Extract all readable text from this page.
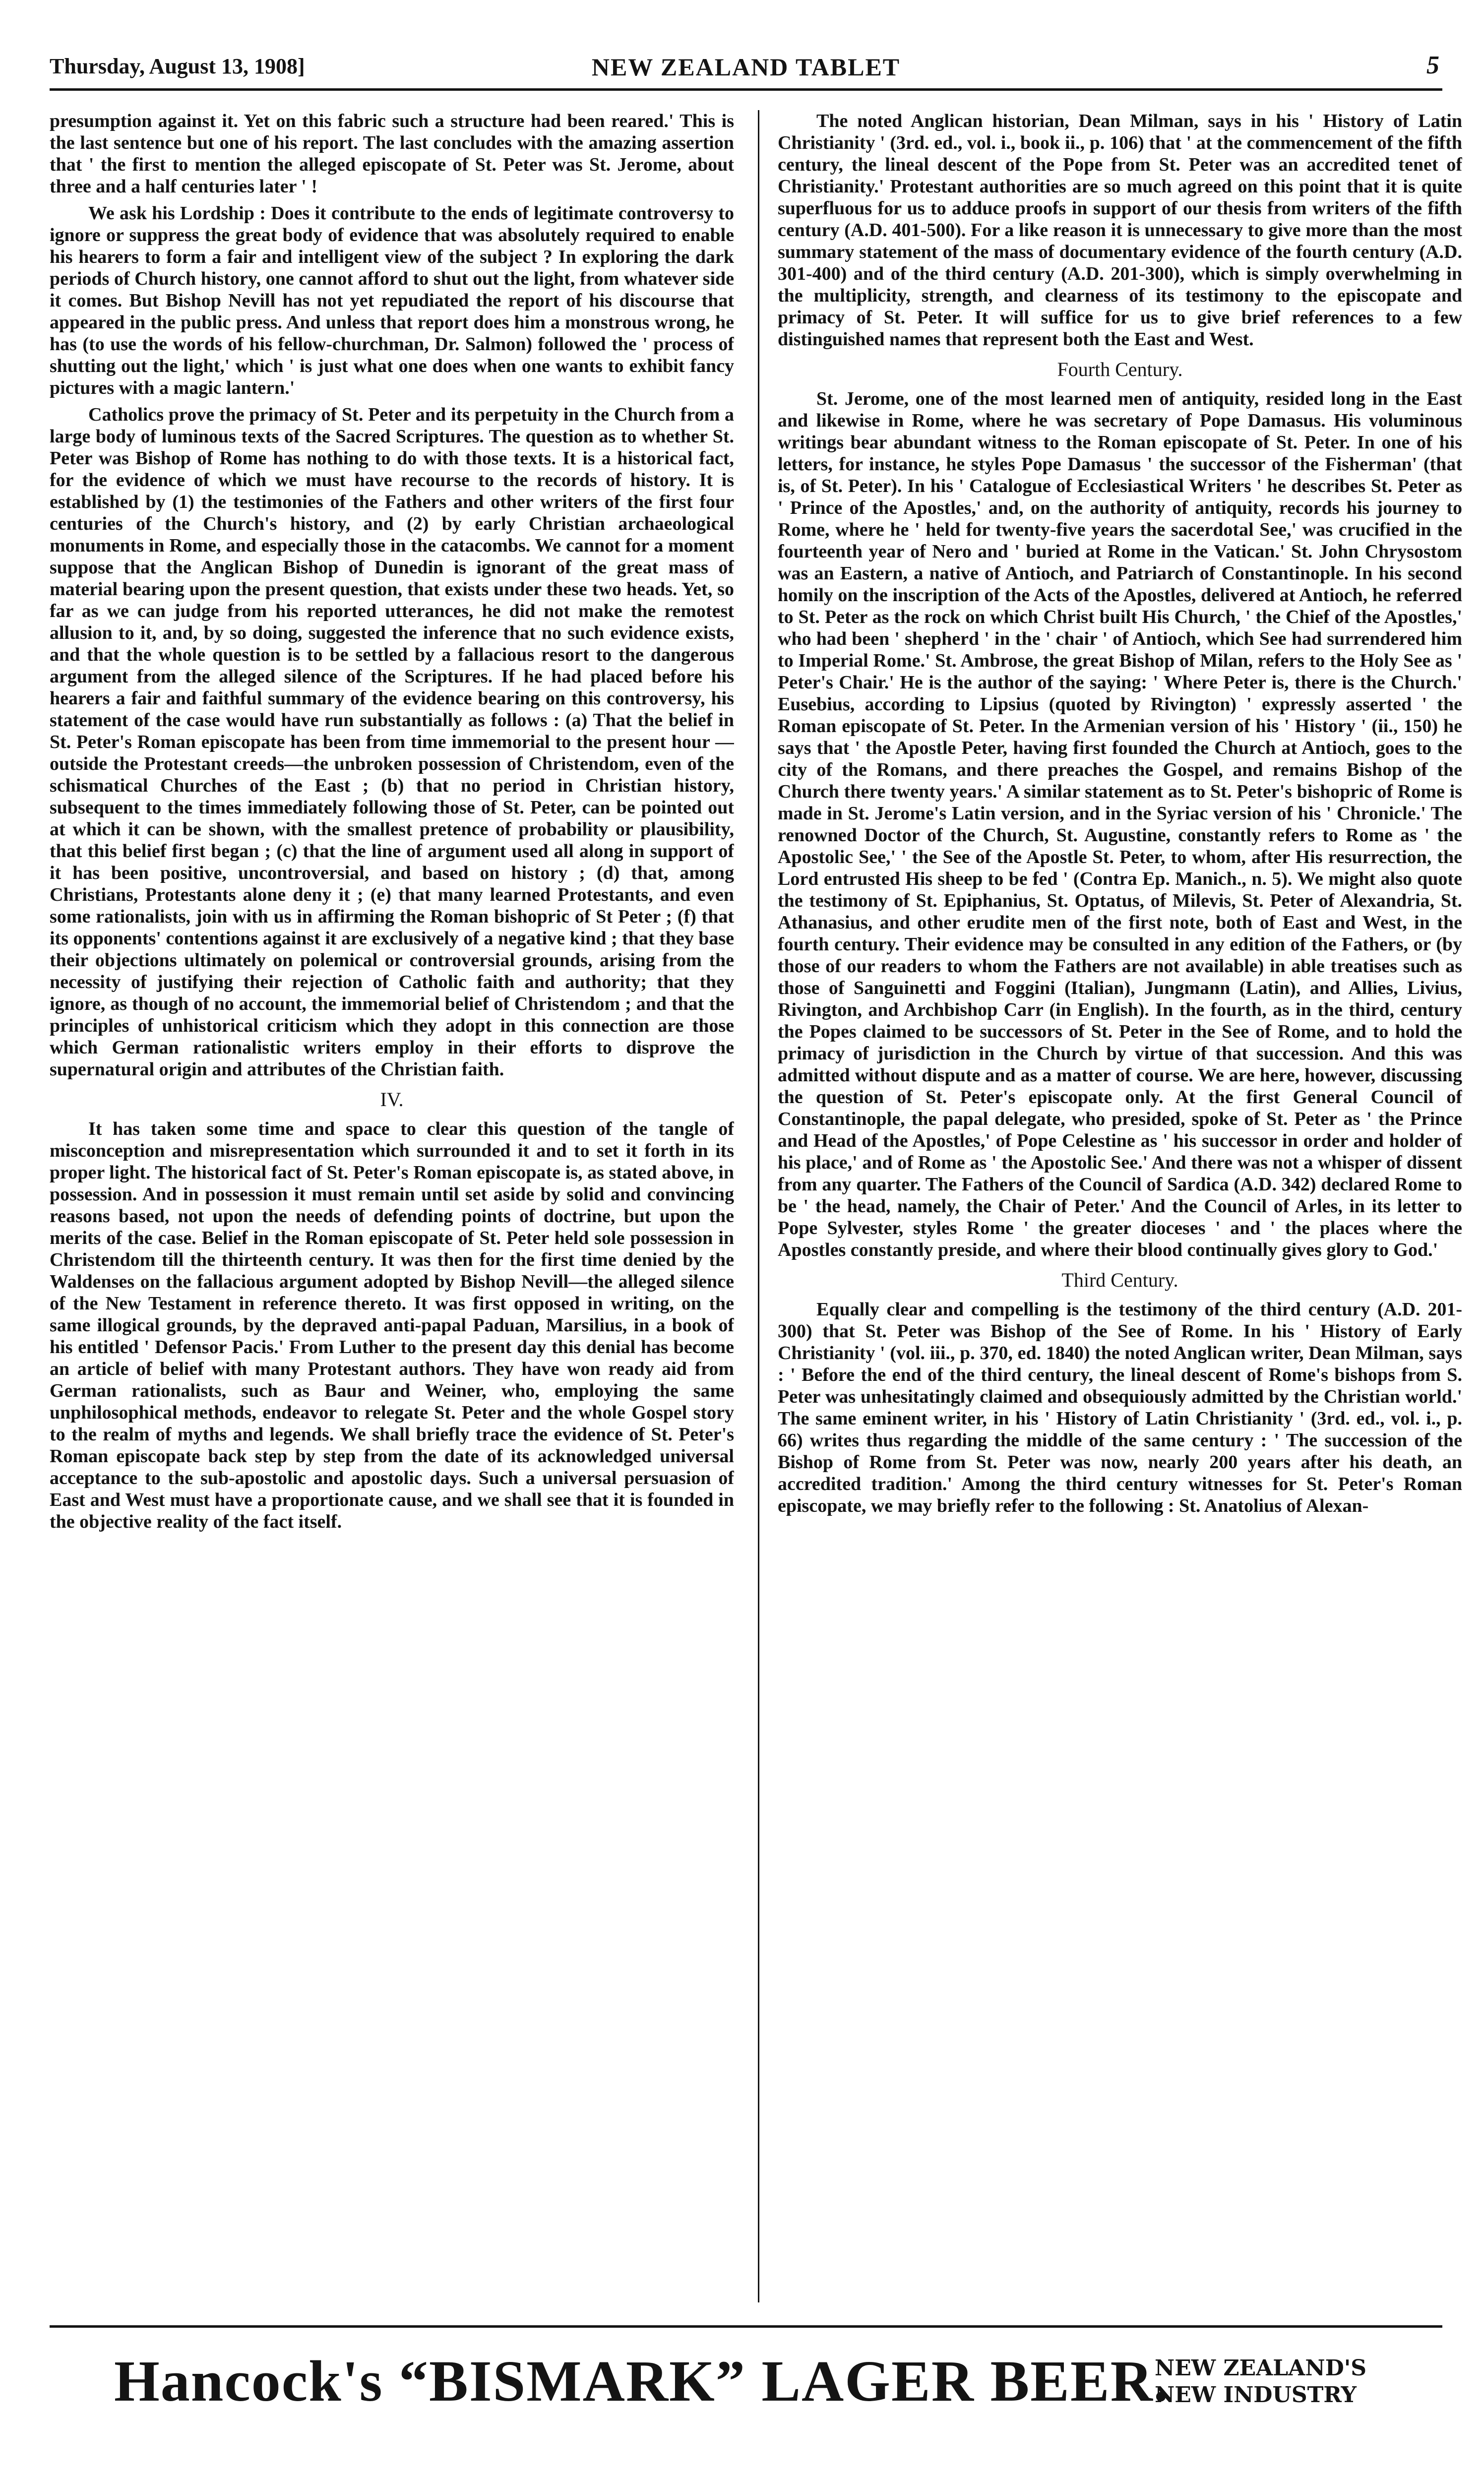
Thursday, August 13, 1908]	NEW ZEALAND TABLET	5

presumption against it. Yet on this fabric such a structure had been reared.' This is the last sentence but one of his report. The last concludes with the amazing assertion that ' the first to mention the alleged episcopate of St. Peter was St. Jerome, about three and a half centuries later ' !

We ask his Lordship : Does it contribute to the ends of legitimate controversy to ignore or suppress the great body of evidence that was absolutely required to enable his hearers to form a fair and intelligent view of the subject ? In exploring the dark periods of Church history, one cannot afford to shut out the light, from whatever side it comes. But Bishop Nevill has not yet repudiated the report of his discourse that appeared in the public press. And unless that report does him a monstrous wrong, he has (to use the words of his fellow-churchman, Dr. Salmon) followed the ' process of shutting out the light,' which ' is just what one does when one wants to exhibit fancy pictures with a magic lantern.'

Catholics prove the primacy of St. Peter and its perpetuity in the Church from a large body of luminous texts of the Sacred Scriptures. The question as to whether St. Peter was Bishop of Rome has nothing to do with those texts. It is a historical fact, for the evidence of which we must have recourse to the records of history. It is established by (1) the testimonies of the Fathers and other writers of the first four centuries of the Church's history, and (2) by early Christian archaeological monuments in Rome, and especially those in the catacombs. We cannot for a moment suppose that the Anglican Bishop of Dunedin is ignorant of the great mass of material bearing upon the present question, that exists under these two heads. Yet, so far as we can judge from his reported utterances, he did not make the remotest allusion to it, and, by so doing, suggested the inference that no such evidence exists, and that the whole question is to be settled by a fallacious resort to the dangerous argument from the alleged silence of the Scriptures. If he had placed before his hearers a fair and faithful summary of the evidence bearing on this controversy, his statement of the case would have run substantially as follows : (a) That the belief in St. Peter's Roman episcopate has been from time immemorial to the present hour —outside the Protestant creeds—the unbroken possession of Christendom, even of the schismatical Churches of the East ; (b) that no period in Christian history, subsequent to the times immediately following those of St. Peter, can be pointed out at which it can be shown, with the smallest pretence of probability or plausibility, that this belief first began ; (c) that the line of argument used all along in support of it has been positive, uncontroversial, and based on history ; (d) that, among Christians, Protestants alone deny it ; (e) that many learned Protestants, and even some rationalists, join with us in affirming the Roman bishopric of St Peter ; (f) that its opponents' contentions against it are exclusively of a negative kind ; that they base their objections ultimately on polemical or controversial grounds, arising from the necessity of justifying their rejection of Catholic faith and authority; that they ignore, as though of no account, the immemorial belief of Christendom ; and that the principles of unhistorical criticism which they adopt in this connection are those which German rationalistic writers employ in their efforts to disprove the supernatural origin and attributes of the Christian faith.

IV.

It has taken some time and space to clear this question of the tangle of misconception and misrepresentation which surrounded it and to set it forth in its proper light. The historical fact of St. Peter's Roman episcopate is, as stated above, in possession. And in possession it must remain until set aside by solid and convincing reasons based, not upon the needs of defending points of doctrine, but upon the merits of the case. Belief in the Roman episcopate of St. Peter held sole possession in Christendom till the thirteenth century. It was then for the first time denied by the Waldenses on the fallacious argument adopted by Bishop Nevill—the alleged silence of the New Testament in reference thereto. It was first opposed in writing, on the same illogical grounds, by the depraved anti-papal Paduan, Marsilius, in a book of his entitled ' Defensor Pacis.' From Luther to the present day this denial has become an article of belief with many Protestant authors. They have won ready aid from German rationalists, such as Baur and Weiner, who, employing the same unphilosophical methods, endeavor to relegate St. Peter and the whole Gospel story to the realm of myths and legends. We shall briefly trace the evidence of St. Peter's Roman episcopate back step by step from the date of its acknowledged universal acceptance to the sub-apostolic and apostolic days. Such a universal persuasion of East and West must have a proportionate cause, and we shall see that it is founded in the objective reality of the fact itself.

The noted Anglican historian, Dean Milman, says in his ' History of Latin Christianity ' (3rd. ed., vol. i., book ii., p. 106) that ' at the commencement of the fifth century, the lineal descent of the Pope from St. Peter was an accredited tenet of Christianity.' Protestant authorities are so much agreed on this point that it is quite superfluous for us to adduce proofs in support of our thesis from writers of the fifth century (A.D. 401-500). For a like reason it is unnecessary to give more than the most summary statement of the mass of documentary evidence of the fourth century (A.D. 301-400) and of the third century (A.D. 201-300), which is simply overwhelming in the multiplicity, strength, and clearness of its testimony to the episcopate and primacy of St. Peter. It will suffice for us to give brief references to a few distinguished names that represent both the East and West.

Fourth Century.

St. Jerome, one of the most learned men of antiquity, resided long in the East and likewise in Rome, where he was secretary of Pope Damasus. His voluminous writings bear abundant witness to the Roman episcopate of St. Peter. In one of his letters, for instance, he styles Pope Damasus ' the successor of the Fisherman' (that is, of St. Peter). In his ' Catalogue of Ecclesiastical Writers ' he describes St. Peter as ' Prince of the Apostles,' and, on the authority of antiquity, records his journey to Rome, where he ' held for twenty-five years the sacerdotal See,' was crucified in the fourteenth year of Nero and ' buried at Rome in the Vatican.' St. John Chrysostom was an Eastern, a native of Antioch, and Patriarch of Constantinople. In his second homily on the inscription of the Acts of the Apostles, delivered at Antioch, he referred to St. Peter as the rock on which Christ built His Church, ' the Chief of the Apostles,' who had been ' shepherd ' in the ' chair ' of Antioch, which See had surrendered him to Imperial Rome.' St. Ambrose, the great Bishop of Milan, refers to the Holy See as ' Peter's Chair.' He is the author of the saying: ' Where Peter is, there is the Church.' Eusebius, according to Lipsius (quoted by Rivington) ' expressly asserted ' the Roman episcopate of St. Peter. In the Armenian version of his ' History ' (ii., 150) he says that ' the Apostle Peter, having first founded the Church at Antioch, goes to the city of the Romans, and there preaches the Gospel, and remains Bishop of the Church there twenty years.' A similar statement as to St. Peter's bishopric of Rome is made in St. Jerome's Latin version, and in the Syriac version of his ' Chronicle.' The renowned Doctor of the Church, St. Augustine, constantly refers to Rome as ' the Apostolic See,' ' the See of the Apostle St. Peter, to whom, after His resurrection, the Lord entrusted His sheep to be fed ' (Contra Ep. Manich., n. 5). We might also quote the testimony of St. Epiphanius, St. Optatus, of Milevis, St. Peter of Alexandria, St. Athanasius, and other erudite men of the first note, both of East and West, in the fourth century. Their evidence may be consulted in any edition of the Fathers, or (by those of our readers to whom the Fathers are not available) in able treatises such as those of Sanguinetti and Foggini (Italian), Jungmann (Latin), and Allies, Livius, Rivington, and Archbishop Carr (in English). In the fourth, as in the third, century the Popes claimed to be successors of St. Peter in the See of Rome, and to hold the primacy of jurisdiction in the Church by virtue of that succession. And this was admitted without dispute and as a matter of course. We are here, however, discussing the question of St. Peter's episcopate only. At the first General Council of Constantinople, the papal delegate, who presided, spoke of St. Peter as ' the Prince and Head of the Apostles,' of Pope Celestine as ' his successor in order and holder of his place,' and of Rome as ' the Apostolic See.' And there was not a whisper of dissent from any quarter. The Fathers of the Council of Sardica (A.D. 342) declared Rome to be ' the head, namely, the Chair of Peter.' And the Council of Arles, in its letter to Pope Sylvester, styles Rome ' the greater dioceses ' and ' the places where the Apostles constantly preside, and where their blood continually gives glory to God.'

Third Century.

Equally clear and compelling is the testimony of the third century (A.D. 201-300) that St. Peter was Bishop of the See of Rome. In his ' History of Early Christianity ' (vol. iii., p. 370, ed. 1840) the noted Anglican writer, Dean Milman, says : ' Before the end of the third century, the lineal descent of Rome's bishops from S. Peter was unhesitatingly claimed and obsequiously admitted by the Christian world.' The same eminent writer, in his ' History of Latin Christianity ' (3rd. ed., vol. i., p. 66) writes thus regarding the middle of the same century : ' The succession of the Bishop of Rome from St. Peter was now, nearly 200 years after his death, an accredited tradition.' Among the third century witnesses for St. Peter's Roman episcopate, we may briefly refer to the following : St. Anatolius of Alexan-

Hancock's “BISMARK” LAGER BEER.
NEW ZEALAND'S
NEW INDUSTRY
